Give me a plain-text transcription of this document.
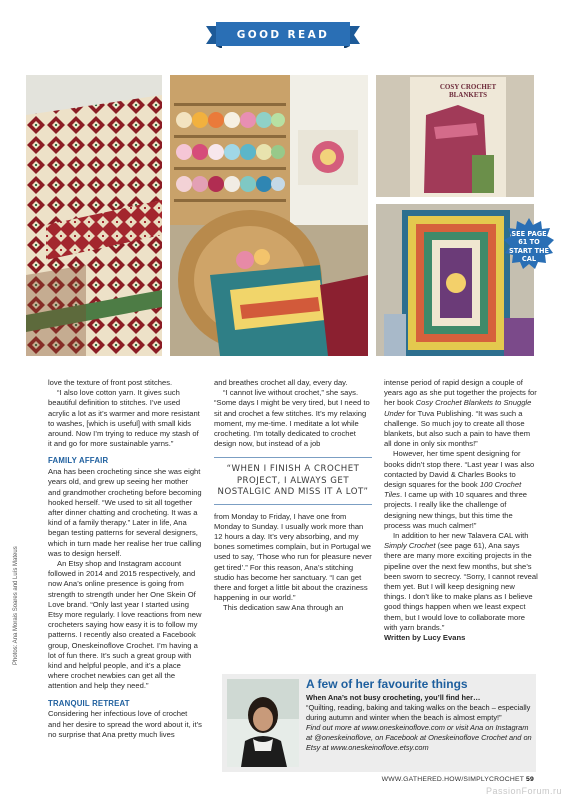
GOOD READ
COSY CROCHET BLANKETS
SEE PAGE 61 TO START THE CAL

love the texture of front post stitches.

“I also love cotton yarn. It gives such beautiful definition to stitches. I’ve used acrylic a lot as it’s warmer and more resistant to washes, [which is useful] with small kids around. Now I’m trying to reduce my stash of it and go for more sustainable yarns.”

FAMILY AFFAIR

Ana has been crocheting since she was eight years old, and grew up seeing her mother and grandmother crocheting before becoming hooked herself. “We used to sit all together after dinner chatting and crocheting. It was a kind of a family therapy.” Later in life, Ana began testing patterns for several designers, which in turn made her realise her true calling was to design herself.

An Etsy shop and Instagram account followed in 2014 and 2015 respectively, and now Ana’s online presence is going from strength to strength under her One Skein Of Love brand. “Only last year I started using Etsy more regularly. I love reactions from new crocheters saying how easy it is to follow my patterns. I recently also created a Facebook group, Oneskeinoflove Crochet. I’m having a lot of fun there. It’s such a great group with kind and helpful people, and it’s a place where crochet newbies can get all the attention and help they need.”

TRANQUIL RETREAT

Considering her infectious love of crochet and her desire to spread the word about it, it’s no surprise that Ana pretty much lives

and breathes crochet all day, every day.

“I cannot live without crochet,” she says. “Some days I might be very tired, but I need to sit and crochet a few stitches. It’s my relaxing moment, my me-time. I meditate a lot while crocheting. I’m totally dedicated to crochet design now, but instead of a job

“WHEN I FINISH A CROCHET PROJECT, I ALWAYS GET NOSTALGIC AND MISS IT A LOT”

from Monday to Friday, I have one from Monday to Sunday. I usually work more than 12 hours a day. It’s very absorbing, and my bones sometimes complain, but in Portugal we used to say, ‘Those who run for pleasure never get tired’.” For this reason, Ana’s stitching studio has become her sanctuary. “I can get there and forget a little bit about the craziness happening in our world.”

This dedication saw Ana through an

intense period of rapid design a couple of years ago as she put together the projects for her book Cosy Crochet Blankets to Snuggle Under for Tuva Publishing. “It was such a challenge. So much joy to create all those blankets, but also such a pain to have them all done in only six months!”

However, her time spent designing for books didn’t stop there. “Last year I was also contacted by David & Charles Books to design squares for the book 100 Crochet Tiles. I came up with 10 squares and three projects. I really like the challenge of designing new things, but this time the process was much calmer!”

In addition to her new Talavera CAL with Simply Crochet (see page 61), Ana says there are many more exciting projects in the pipeline over the next few months, but she’s been sworn to secrecy. “Sorry, I cannot reveal them yet. But I will keep designing new things. I don’t like to make plans as I believe good things happen when we least expect them, but I would love to collaborate more with yarn brands.”

Written by Lucy Evans

Photos: Ana Morais Soares and Luís Mateus
A few of her favourite things
When Ana’s not busy crocheting, you’ll find her…
“Quilting, reading, baking and taking walks on the beach – especially during autumn and winter when the beach is almost empty!”
Find out more at www.oneskeinoflove.com or visit Ana on Instagram at @oneskeinoflove, on Facebook at Oneskeinoflove Crochet and on Etsy at www.oneskeinoflove.etsy.com
WWW.GATHERED.HOW/SIMPLYCROCHET 59
PassionForum.ru
